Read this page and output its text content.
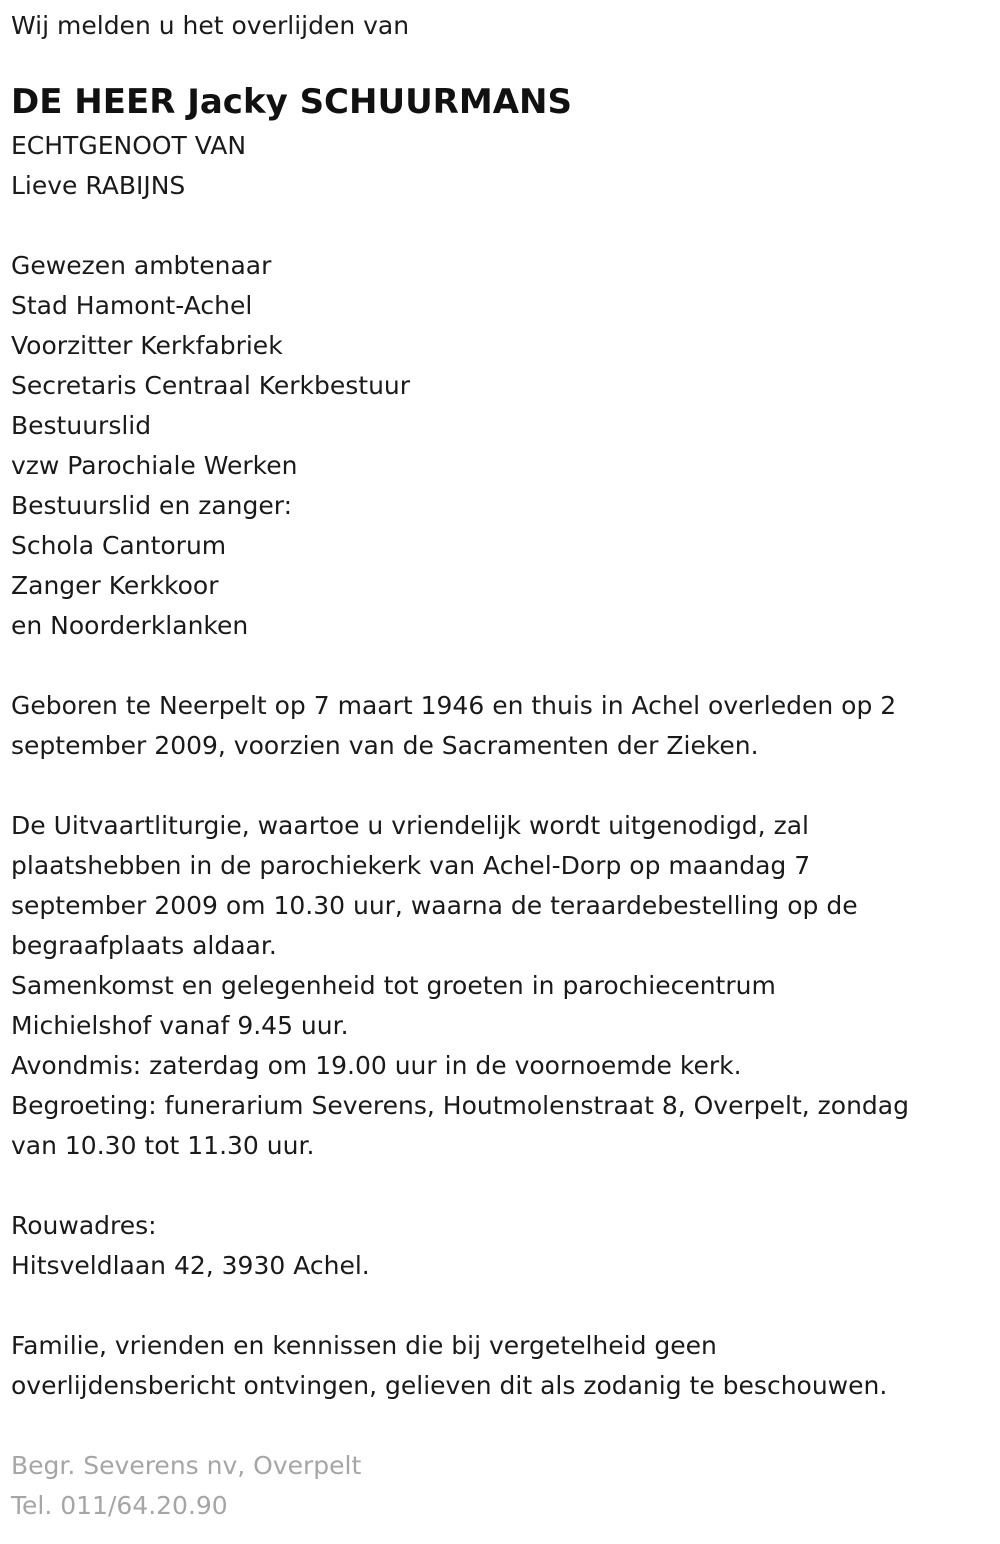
Wij melden u het overlijden van
DE HEER Jacky SCHUURMANS
ECHTGENOOT VAN
Lieve RABIJNS
Gewezen ambtenaar
Stad Hamont-Achel
Voorzitter Kerkfabriek
Secretaris Centraal Kerkbestuur
Bestuurslid
vzw Parochiale Werken
Bestuurslid en zanger:
Schola Cantorum
Zanger Kerkkoor
en Noorderklanken
Geboren te Neerpelt op 7 maart 1946 en thuis in Achel overleden op 2
september 2009, voorzien van de Sacramenten der Zieken.
De Uitvaartliturgie, waartoe u vriendelijk wordt uitgenodigd, zal
plaatshebben in de parochiekerk van Achel-Dorp op maandag 7
september 2009 om 10.30 uur, waarna de teraardebestelling op de
begraafplaats aldaar.
Samenkomst en gelegenheid tot groeten in parochiecentrum
Michielshof vanaf 9.45 uur.
Avondmis: zaterdag om 19.00 uur in de voornoemde kerk.
Begroeting: funerarium Severens, Houtmolenstraat 8, Overpelt, zondag
van 10.30 tot 11.30 uur.
Rouwadres:
Hitsveldlaan 42, 3930 Achel.
Familie, vrienden en kennissen die bij vergetelheid geen
overlijdensbericht ontvingen, gelieven dit als zodanig te beschouwen.
Begr. Severens nv, Overpelt
Tel. 011/64.20.90
